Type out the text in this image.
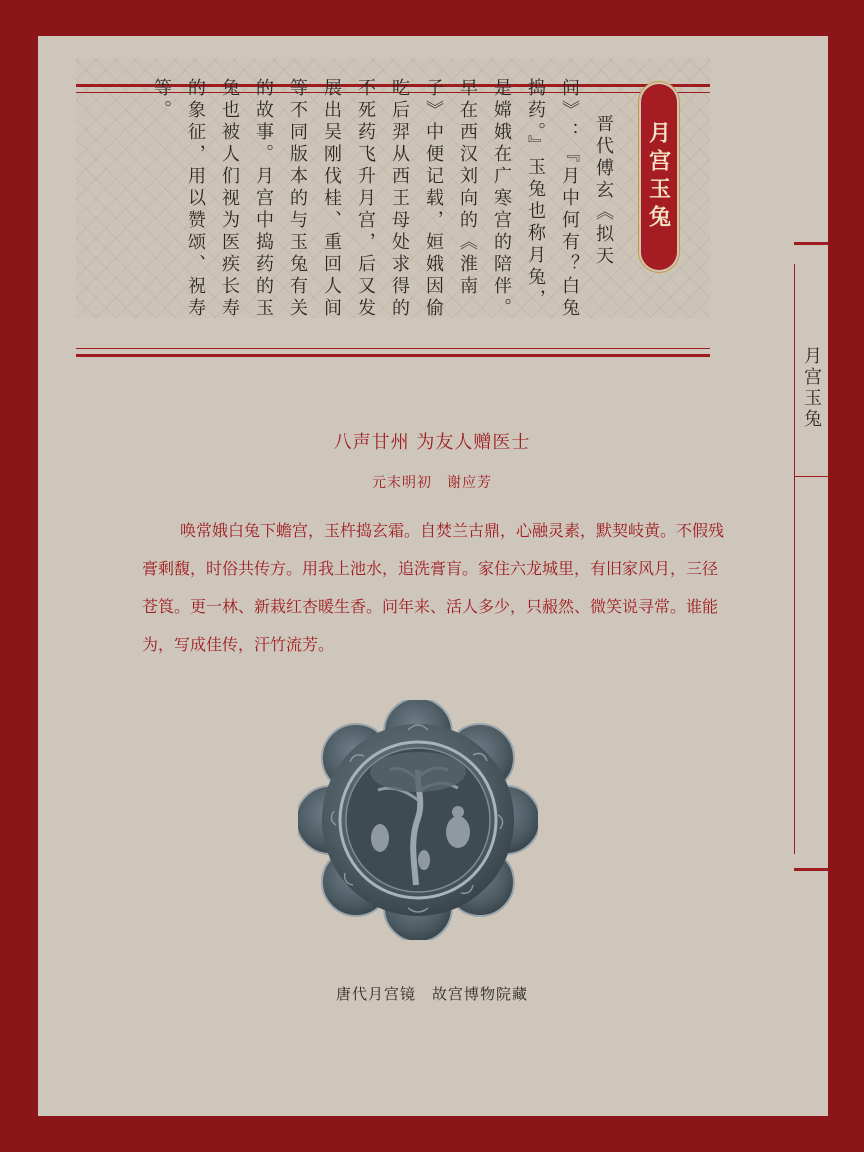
晋代傅玄《拟天问》：『月中何有？白兔捣药。』玉兔也称月兔，是嫦娥在广寒宫的陪伴。早在西汉刘向的《淮南子》中便记载，姮娥因偷吃后羿从西王母处求得的不死药飞升月宫，后又发展出吴刚伐桂、重回人间等不同版本的与玉兔有关的故事。月宫中捣药的玉兔也被人们视为医疾长寿的象征，用以赞颂、祝寿等。
月宫玉兔
月宫玉兔
八声甘州 为友人赠医士
元末明初　谢应芳
唤常娥白兔下蟾宫，玉杵捣玄霜。自焚兰古鼎，心融灵素，默契岐黄。不假残膏剩馥，时俗共传方。用我上池水，追洗膏肓。家住六龙城里，有旧家风月，三径苍筤。更一林、新栽红杏暖生香。问年来、活人多少，只赧然、微笑说寻常。谁能为，写成佳传，汗竹流芳。
唐代月宫镜　故宫博物院藏
